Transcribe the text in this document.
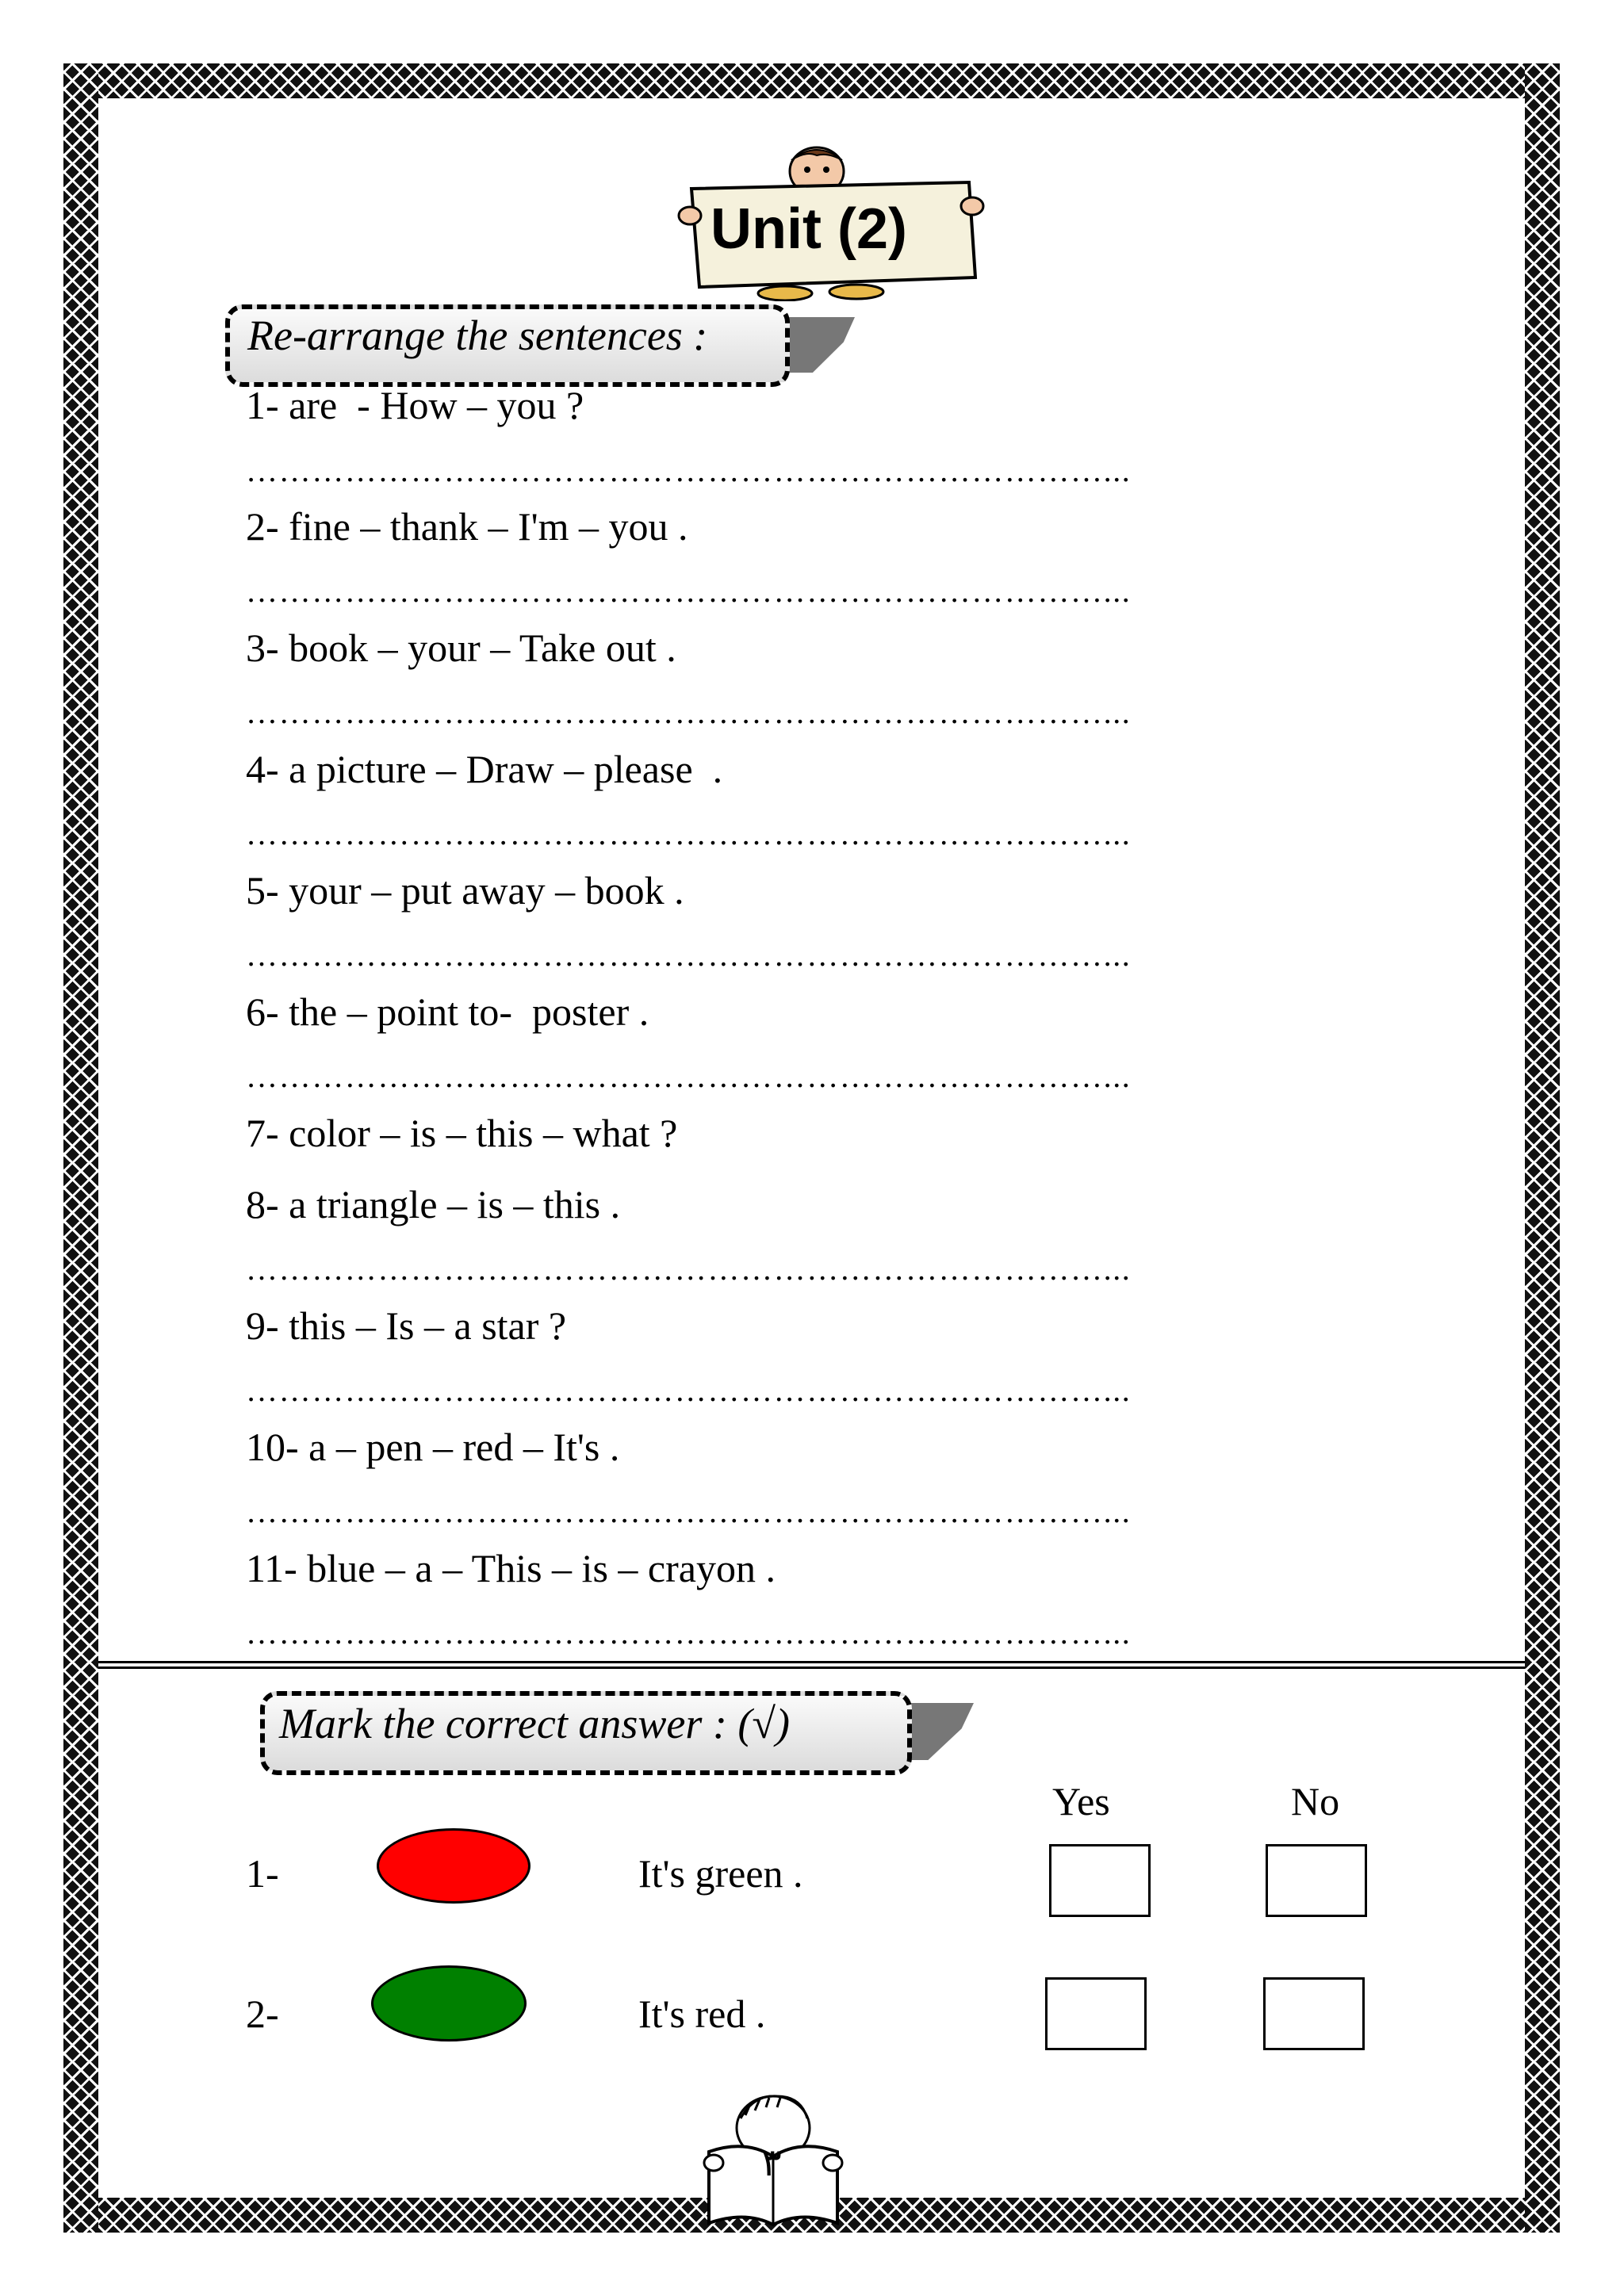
Unit (2)
Re-arrange the sentences :
1- are  - How – you ?
……………………………………………………………………...
2- fine – thank – I'm – you .
……………………………………………………………………...
3- book – your – Take out .
……………………………………………………………………...
4- a picture – Draw – please  .
……………………………………………………………………...
5- your – put away – book .
……………………………………………………………………...
6- the – point to-  poster .
……………………………………………………………………...
7- color – is – this – what ?
8- a triangle – is – this .
……………………………………………………………………...
9- this – Is – a star ?
……………………………………………………………………...
10- a – pen – red – It's .
……………………………………………………………………...
11- blue – a – This – is – crayon .
……………………………………………………………………...
Mark the correct answer : (√)
Yes	No
1-	It's green .
2-	It's red .
٣
